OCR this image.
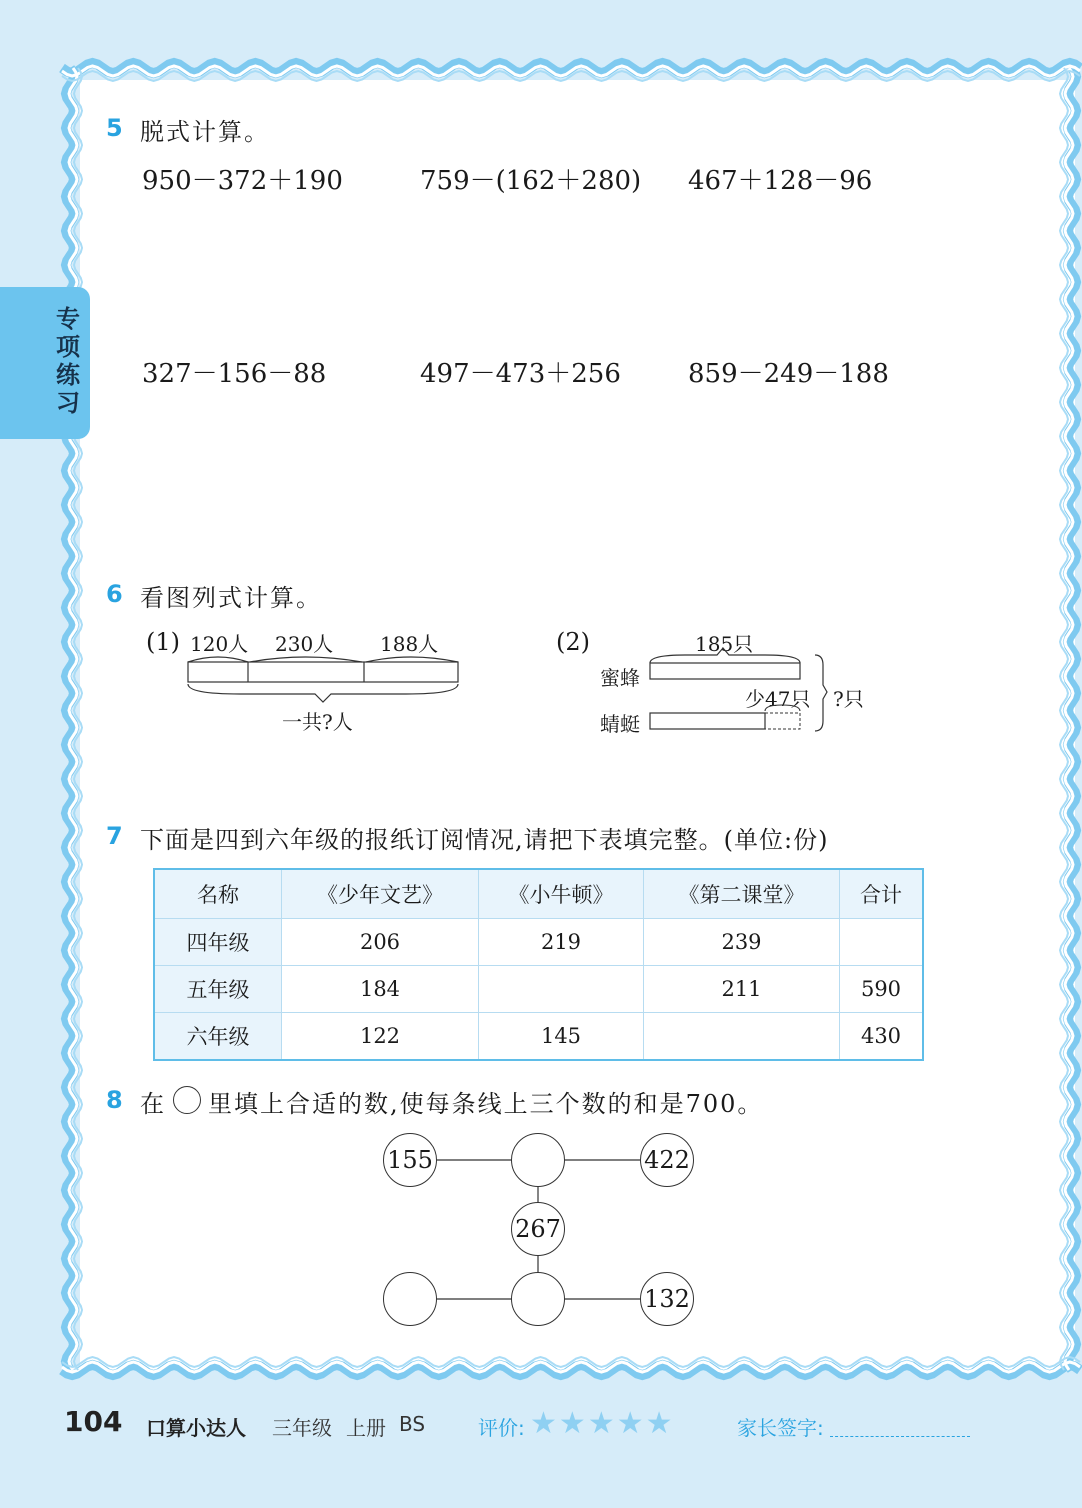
专
项
练
习
5 脱式计算。
950－372＋190	759－(162＋280) 467＋128－96
327－156－88	497－473＋256	859－249－188
6 看图列式计算。
(1) 120人 230人 188人
一共?人
(2)	185只
蜜蜂
少47只 ?只
蜻蜓
7 下面是四到六年级的报纸订阅情况,请把下表填完整。(单位:份)
名称	《少年文艺》	《小牛顿》	《第二课堂》	合计
四年级	206	219	239	
五年级	184		211	590
六年级	122	145		430
8 在 里填上合适的数,使每条线上三个数的和是700。
155	422
267
132
104 口算小达人 三年级 上册 BS	评价: ★★★★★	家长签字:
